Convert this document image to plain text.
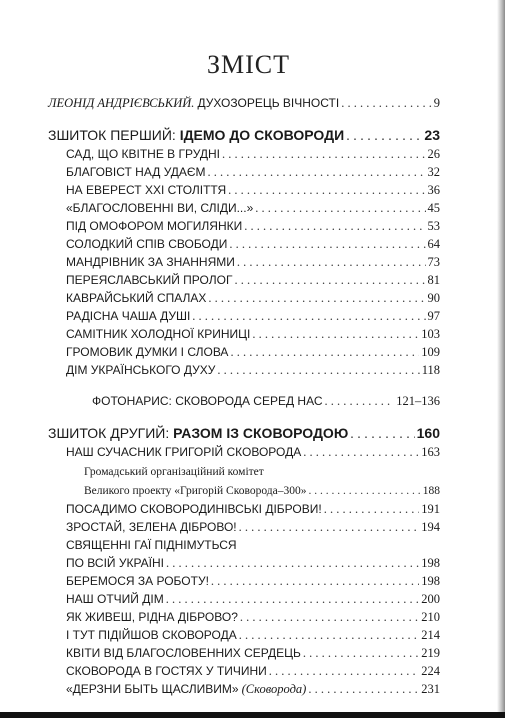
ЗМІСТ
ЛЕОНІД АНДРІЄВСЬКИЙ. ДУХОЗОРЕЦЬ ВІЧНОСТІ . . .	9
ЗШИТОК ПЕРШИЙ: ІДЕМО ДО СКОВОРОДИ . . .	23
САД, ЩО КВІТНЕ В ГРУДНІ . . .	26
БЛАГОВІСТ НАД УДАЄМ . . .	32
НА ЕВЕРЕСТ XXI СТОЛІТТЯ . . .	36
«БЛАГОСЛОВЕННІ ВИ, СЛІДИ...» . . .	45
ПІД ОМОФОРОМ МОГИЛЯНКИ . . .	53
СОЛОДКИЙ СПІВ СВОБОДИ . . .	64
МАНДРІВНИК ЗА ЗНАННЯМИ . . .	73
ПЕРЕЯСЛАВСЬКИЙ ПРОЛОГ . . .	81
КАВРАЙСЬКИЙ СПАЛАХ . . .	90
РАДІСНА ЧАША ДУШІ . . .	97
САМІТНИК ХОЛОДНОЇ КРИНИЦІ . . .	103
ГРОМОВИК ДУМКИ І СЛОВА . . .	109
ДІМ УКРАЇНСЬКОГО ДУХУ . . .	118
ФОТОНАРИС: СКОВОРОДА СЕРЕД НАС . . .	121–136
ЗШИТОК ДРУГИЙ: РАЗОМ ІЗ СКОВОРОДОЮ . . .	160
НАШ СУЧАСНИК ГРИГОРІЙ СКОВОРОДА . . .	163
Громадський організаційний комітет
Великого проекту «Григорій Сковорода–300» . . .	188
ПОСАДИМО СКОВОРОДИНІВСЬКІ ДІБРОВИ! . . .	191
ЗРОСТАЙ, ЗЕЛЕНА ДІБРОВО! . . .	194
СВЯЩЕННІ ГАЇ ПІДНІМУТЬСЯ
ПО ВСІЙ УКРАЇНІ . . .	198
БЕРЕМОСЯ ЗА РОБОТУ! . . .	198
НАШ ОТЧИЙ ДІМ . . .	200
ЯК ЖИВЕШ, РІДНА ДІБРОВО? . . .	210
І ТУТ ПІДІЙШОВ СКОВОРОДА . . .	214
КВІТИ ВІД БЛАГОСЛОВЕННИХ СЕРДЕЦЬ . . .	219
СКОВОРОДА В ГОСТЯХ У ТИЧИНИ . . .	224
«ДЕРЗНИ БЫТЬ ЩАСЛИВИМ» (Сковорода) . . .	231
